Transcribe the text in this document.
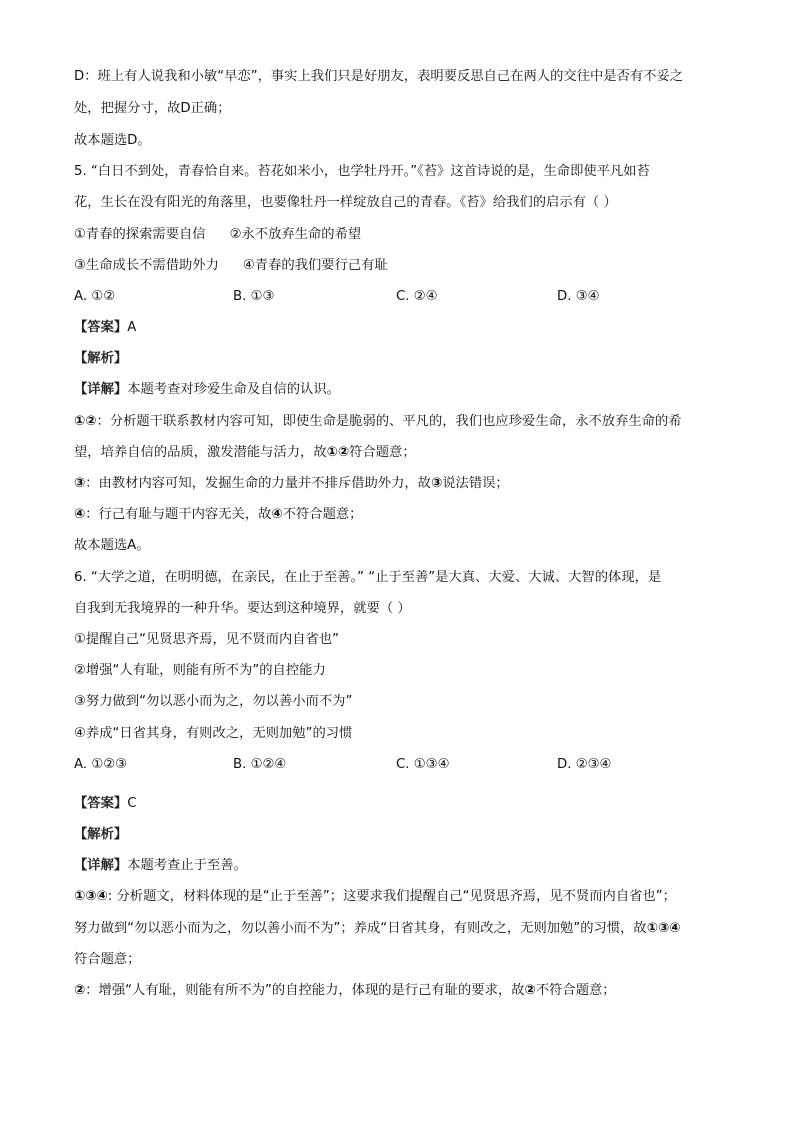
D：班上有人说我和小敏“早恋”，事实上我们只是好朋友，表明要反思自己在两人的交往中是否有不妥之
处，把握分寸，故D正确；
故本题选D。
5. “白日不到处，青春恰自来。苔花如米小，也学牡丹开。”《苔》这首诗说的是，生命即使平凡如苔
花，生长在没有阳光的角落里，也要像牡丹一样绽放自己的青春。《苔》给我们的启示有（ ）
①青春的探索需要自信 ②永不放弃生命的希望
③生命成长不需借助外力 ④青春的我们要行己有耻
A. ①②	B. ①③	C. ②④	D. ③④
【答案】A
【解析】
【详解】本题考查对珍爱生命及自信的认识。
①②：分析题干联系教材内容可知，即使生命是脆弱的、平凡的，我们也应珍爱生命，永不放弃生命的希
望，培养自信的品质，激发潜能与活力，故①②符合题意；
③：由教材内容可知，发掘生命的力量并不排斥借助外力，故③说法错误；
④：行己有耻与题干内容无关，故④不符合题意；
故本题选A。
6. “大学之道，在明明德，在亲民，在止于至善。” “止于至善”是大真、大爱、大诚、大智的体现，是
自我到无我境界的一种升华。要达到这种境界，就要（ ）
①提醒自己“见贤思齐焉，见不贤而内自省也”
②增强“人有耻，则能有所不为”的自控能力
③努力做到“勿以恶小而为之，勿以善小而不为”
④养成“日省其身，有则改之，无则加勉”的习惯
A. ①②③	B. ①②④	C. ①③④	D. ②③④
【答案】C
【解析】
【详解】本题考查止于至善。
①③④: 分析题文，材料体现的是“止于至善”；这要求我们提醒自己“见贤思齐焉，见不贤而内自省也”；
努力做到“勿以恶小而为之，勿以善小而不为”；养成“日省其身，有则改之，无则加勉”的习惯，故①③④
符合题意；
②：增强“人有耻，则能有所不为”的自控能力，体现的是行己有耻的要求，故②不符合题意；
